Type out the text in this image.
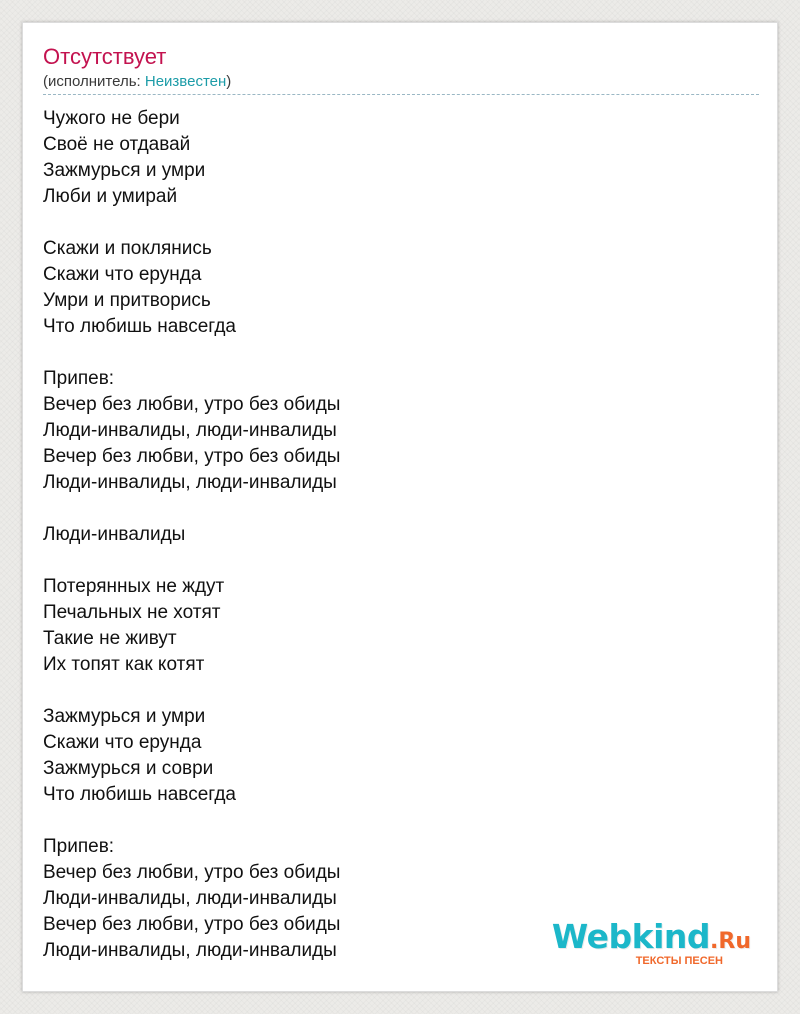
Отсутствует
(исполнитель: Неизвестен)
Чужого не бери
Своё не отдавай
Зажмурься и умри
Люби и умирай
Скажи и поклянись
Скажи что ерунда
Умри и притворись
Что любишь навсегда
Припев:
Вечер без любви, утро без обиды
Люди-инвалиды, люди-инвалиды
Вечер без любви, утро без обиды
Люди-инвалиды, люди-инвалиды
Люди-инвалиды
Потерянных не ждут
Печальных не хотят
Такие не живут
Их топят как котят
Зажмурься и умри
Скажи что ерунда
Зажмурься и соври
Что любишь навсегда
Припев:
Вечер без любви, утро без обиды
Люди-инвалиды, люди-инвалиды
Вечер без любви, утро без обиды
Люди-инвалиды, люди-инвалиды	Webkind.Ru
ТЕКСТЫ ПЕСЕН
